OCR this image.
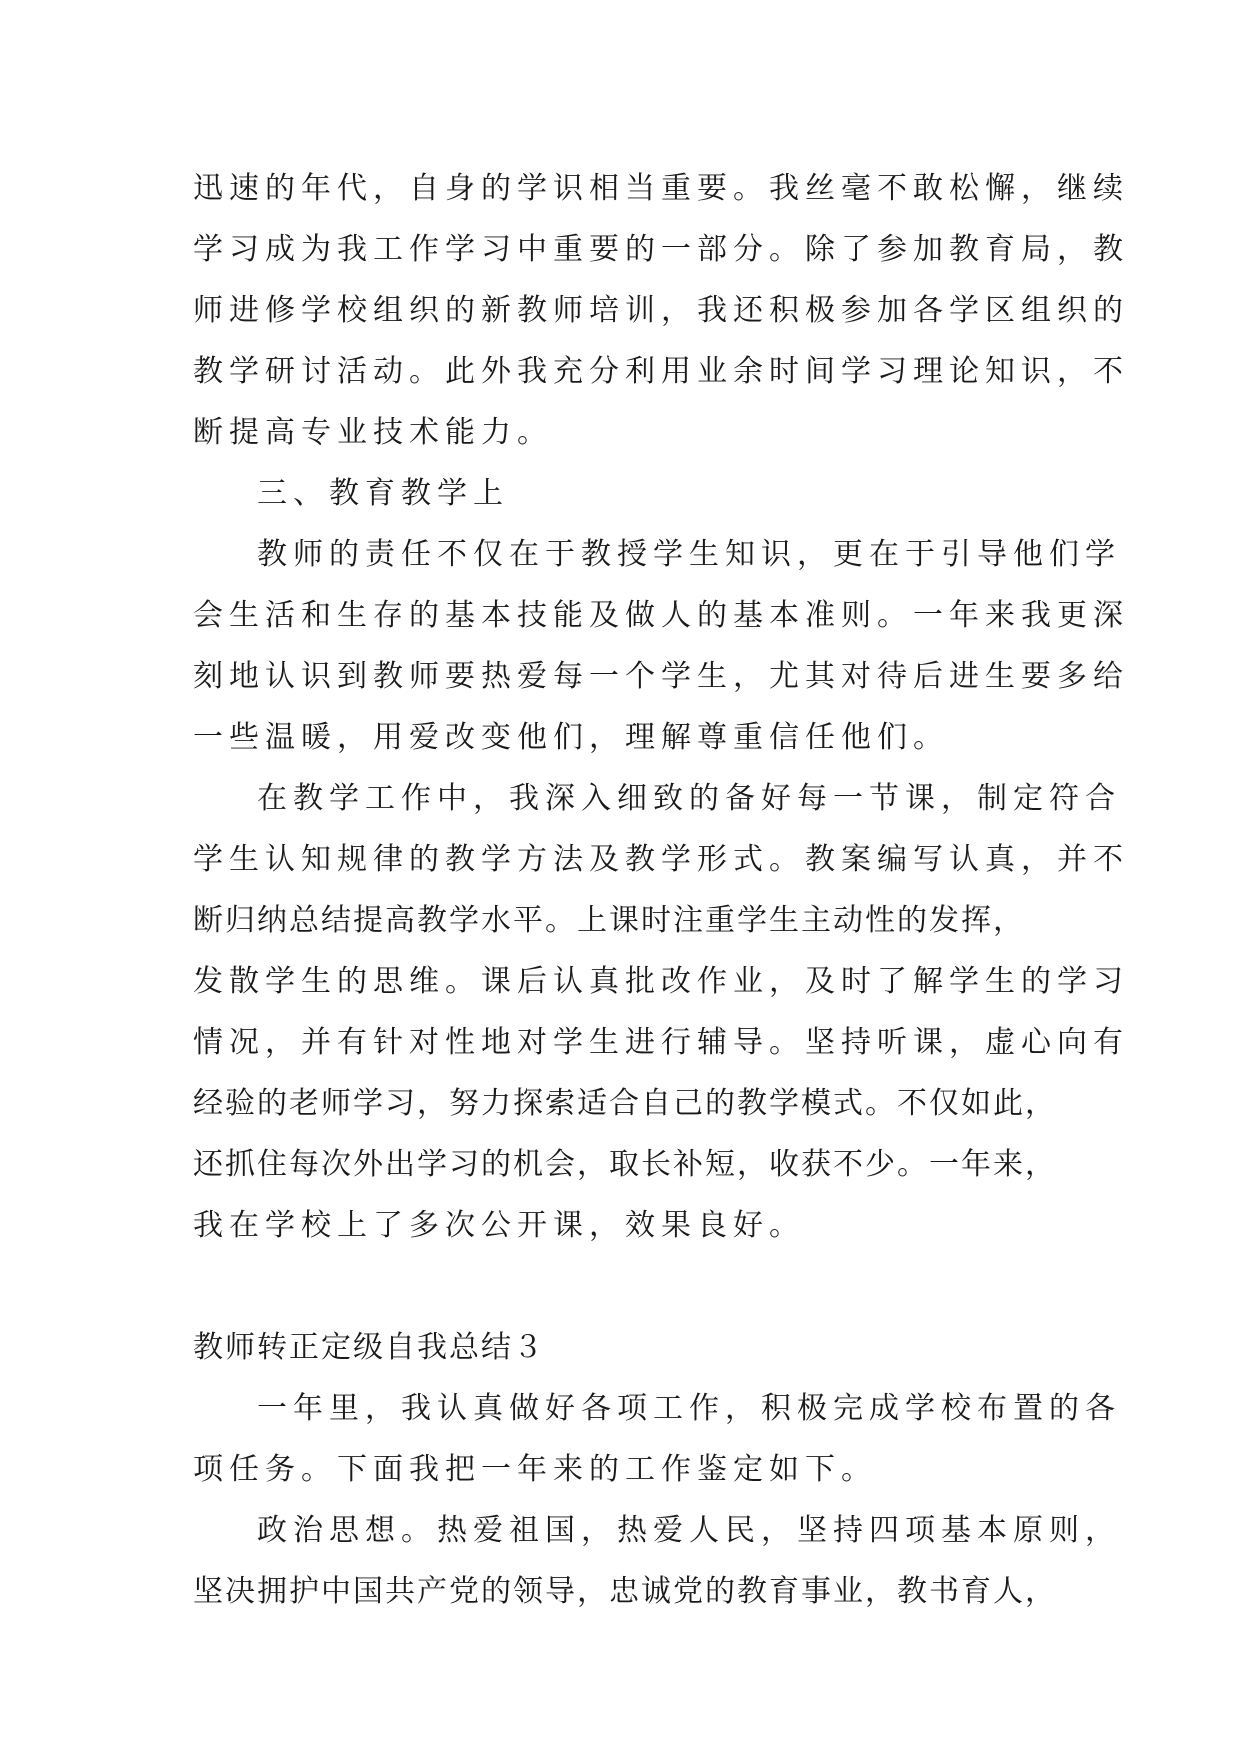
迅速的年代，自身的学识相当重要。我丝毫不敢松懈，继续
学习成为我工作学习中重要的一部分。除了参加教育局，教
师进修学校组织的新教师培训，我还积极参加各学区组织的
教学研讨活动。此外我充分利用业余时间学习理论知识，不
断提高专业技术能力。
三、教育教学上
教师的责任不仅在于教授学生知识，更在于引导他们学
会生活和生存的基本技能及做人的基本准则。一年来我更深
刻地认识到教师要热爱每一个学生，尤其对待后进生要多给
一些温暖，用爱改变他们，理解尊重信任他们。
在教学工作中，我深入细致的备好每一节课，制定符合
学生认知规律的教学方法及教学形式。教案编写认真，并不
断归纳总结提高教学水平。上课时注重学生主动性的发挥，
发散学生的思维。课后认真批改作业，及时了解学生的学习
情况，并有针对性地对学生进行辅导。坚持听课，虚心向有
经验的老师学习，努力探索适合自己的教学模式。不仅如此，
还抓住每次外出学习的机会，取长补短，收获不少。一年来，
我在学校上了多次公开课，效果良好。
教师转正定级自我总结３
一年里，我认真做好各项工作，积极完成学校布置的各
项任务。下面我把一年来的工作鉴定如下。
政治思想。热爱祖国，热爱人民，坚持四项基本原则，
坚决拥护中国共产党的领导，忠诚党的教育事业，教书育人，
